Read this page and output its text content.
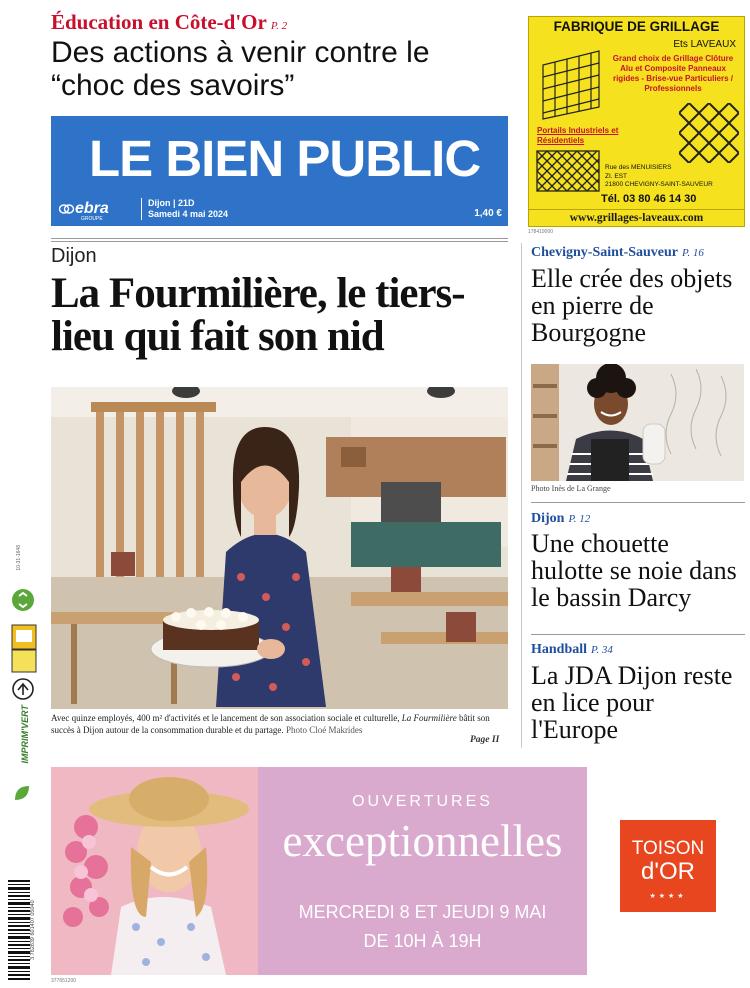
Éducation en Côte-d'Or P. 2
Des actions à venir contre le “choc des savoirs”
LE BIEN PUBLIC
ebra
GROUPE
Dijon | 21D
Samedi 4 mai 2024	1,40 €
FABRIQUE DE GRILLAGE
Ets LAVEAUX
Grand choix de Grillage Clôture Alu et Composite Panneaux rigides - Brise-vue Particuliers / Professionnels
Portails Industriels et Résidentiels
Rue des MENUISIERS
ZI. EST
21800 CHEVIGNY-SAINT-SAUVEUR
Tél. 03 80 46 14 30
www.grillages-laveaux.com
178419000
Dijon
La Fourmilière, le tiers-lieu qui fait son nid
Avec quinze employés, 400 m² d'activités et le lancement de son association sociale et culturelle, La Fourmilière bâtit son succès à Dijon autour de la consommation durable et du partage. Photo Cloé Makrides
Page II
Chevigny-Saint-Sauveur P. 16
Elle crée des objets en pierre de Bourgogne
Photo Inès de La Grange
Dijon P. 12
Une chouette hulotte se noie dans le bassin Darcy
Handball P. 34
La JDA Dijon reste en lice pour l'Europe
10-31-1648
IMPRIM'VERT
3 782839 601407 05040
OUVERTURES
exceptionnelles
MERCREDI 8 ET JEUDI 9 MAI
DE 10H À 19H
TOISON
d'OR
★★★★
377651200
